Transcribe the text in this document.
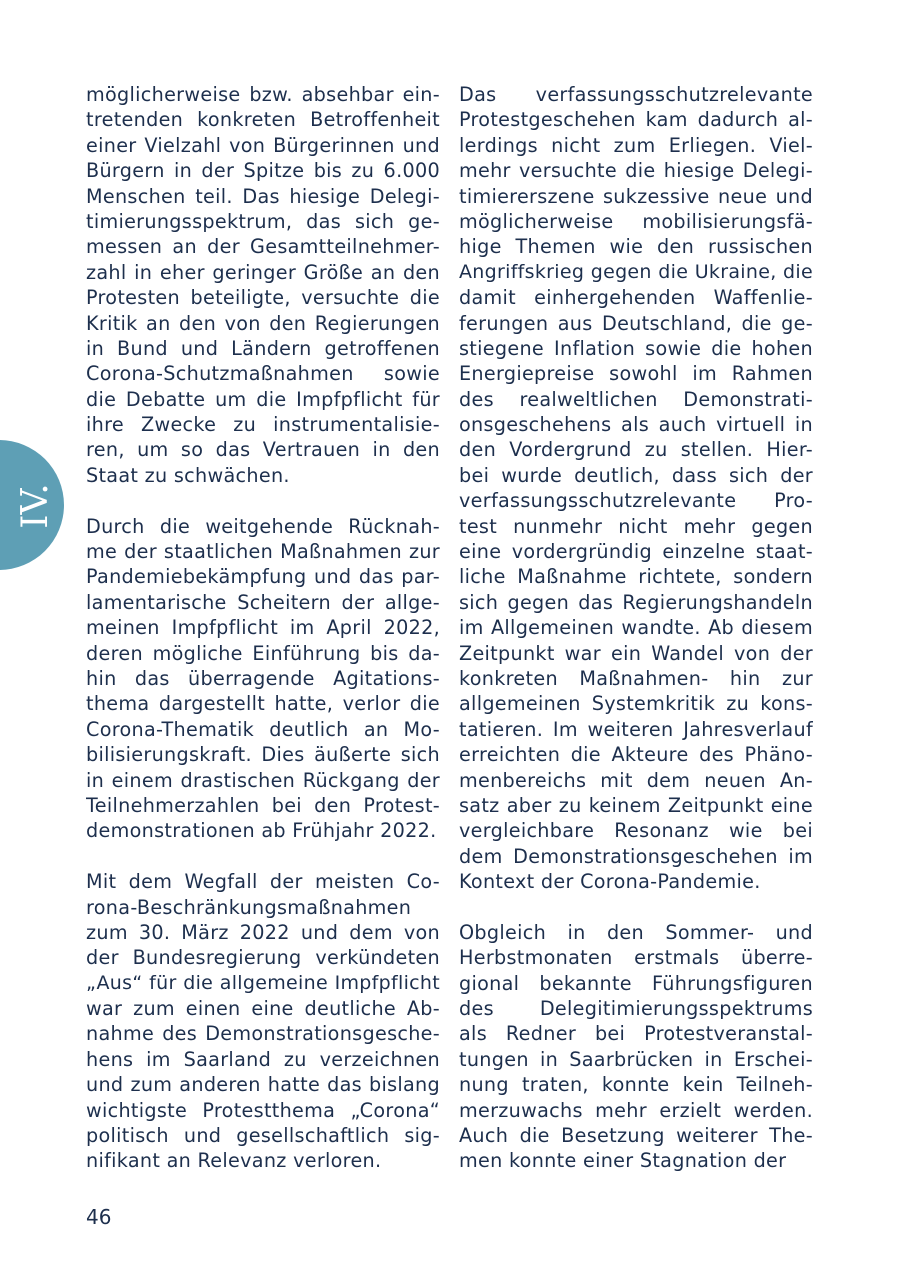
IV.
möglicherweise bzw. absehbar ein-
tretenden konkreten Betroffenheit
einer Vielzahl von Bürgerinnen und
Bürgern in der Spitze bis zu 6.000
Menschen teil. Das hiesige Delegi-
timierungsspektrum, das sich ge-
messen an der Gesamtteilnehmer-
zahl in eher geringer Größe an den
Protesten beteiligte, versuchte die
Kritik an den von den Regierungen
in Bund und Ländern getroffenen
Corona-Schutzmaßnahmen sowie
die Debatte um die Impfpflicht für
ihre Zwecke zu instrumentalisie-
ren, um so das Vertrauen in den
Staat zu schwächen.
Durch die weitgehende Rücknah-
me der staatlichen Maßnahmen zur
Pandemiebekämpfung und das par-
lamentarische Scheitern der allge-
meinen Impfpflicht im April 2022,
deren mögliche Einführung bis da-
hin das überragende Agitations-
thema dargestellt hatte, verlor die
Corona-Thematik deutlich an Mo-
bilisierungskraft. Dies äußerte sich
in einem drastischen Rückgang der
Teilnehmerzahlen bei den Protest-
demonstrationen ab Frühjahr 2022.
Mit dem Wegfall der meisten Co-
rona-Beschränkungsmaßnahmen
zum 30. März 2022 und dem von
der Bundesregierung verkündeten
„Aus“ für die allgemeine Impfpflicht
war zum einen eine deutliche Ab-
nahme des Demonstrationsgesche-
hens im Saarland zu verzeichnen
und zum anderen hatte das bislang
wichtigste Protestthema „Corona“
politisch und gesellschaftlich sig-
nifikant an Relevanz verloren.
Das verfassungsschutzrelevante
Protestgeschehen kam dadurch al-
lerdings nicht zum Erliegen. Viel-
mehr versuchte die hiesige Delegi-
timiererszene sukzessive neue und
möglicherweise mobilisierungsfä-
hige Themen wie den russischen
Angriffskrieg gegen die Ukraine, die
damit einhergehenden Waffenlie-
ferungen aus Deutschland, die ge-
stiegene Inflation sowie die hohen
Energiepreise sowohl im Rahmen
des realweltlichen Demonstrati-
onsgeschehens als auch virtuell in
den Vordergrund zu stellen. Hier-
bei wurde deutlich, dass sich der
verfassungsschutzrelevante Pro-
test nunmehr nicht mehr gegen
eine vordergründig einzelne staat-
liche Maßnahme richtete, sondern
sich gegen das Regierungshandeln
im Allgemeinen wandte. Ab diesem
Zeitpunkt war ein Wandel von der
konkreten Maßnahmen- hin zur
allgemeinen Systemkritik zu kons-
tatieren. Im weiteren Jahresverlauf
erreichten die Akteure des Phäno-
menbereichs mit dem neuen An-
satz aber zu keinem Zeitpunkt eine
vergleichbare Resonanz wie bei
dem Demonstrationsgeschehen im
Kontext der Corona-Pandemie.
Obgleich in den Sommer- und
Herbstmonaten erstmals überre-
gional bekannte Führungsfiguren
des Delegitimierungsspektrums
als Redner bei Protestveranstal-
tungen in Saarbrücken in Erschei-
nung traten, konnte kein Teilneh-
merzuwachs mehr erzielt werden.
Auch die Besetzung weiterer The-
men konnte einer Stagnation der
46
